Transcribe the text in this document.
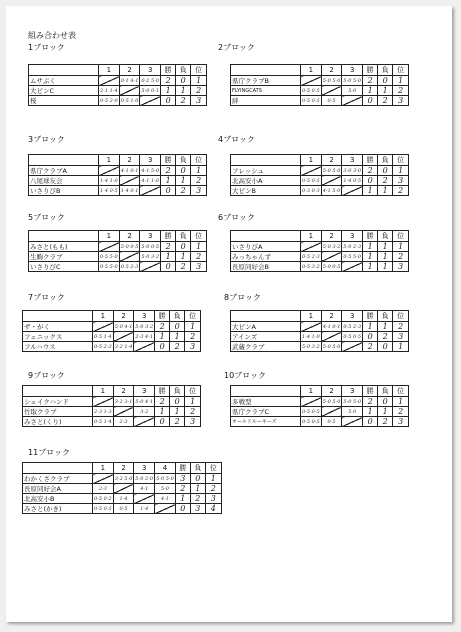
組み合わせ表
1ブロック
	1	2	3	勝	負	位
ムサぶく		0-1 4-1	0-2 5-0	2	0	1
大ピンC	2-1 1-4		5-0 0-1	1	1	2
桜	0-5 2-0	0-5 1-0		0	2	3
2ブロック
	1	2	3	勝	負	位
県庁クラブB		5-0 5-0	5-0 5-0	2	0	1
FLYINGCATS	0-5 0-5		5-0	1	1	2
絆	0-5 0-5	0-5		0	2	3
3ブロック
	1	2	3	勝	負	位
県庁クラブA		4-1 0-1	4-1 5-0	2	0	1
八尾球友会	1-4 1-0		4-1 1-0	1	1	2
いさりびB	1-4 0-5	1-4 0-1		0	2	3
4ブロック
	1	2	3	勝	負	位
フレッシュ		5-0 5-0	3-0 3-0	2	0	1
北高安小A	0-5 0-5		1-4 0-5	0	2	3
大ピンB	0-3 0-3	4-1 5-0		1	1	2
5ブロック
	1	2	3	勝	負	位
みさと(もも)		5-0 0-5	5-0 0-5	2	0	1
生駒クラブ	0-5 5-0		5-0 3-2	1	1	2
いさりびC	0-5 5-0	0-5 2-3		0	2	3
6ブロック
	1	2	3	勝	負	位
いさりびA		5-0 3-2	5-0 2-3	1	1	1
みっちゃんず	0-5 2-3		0-5 5-0	1	1	2
長原同好会B	0-5 3-2	5-0 0-5		1	1	3
7ブロック
	1	2	3	勝	負	位
ザ・がく		5-0 4-1	5-0 3-2	2	0	1
フェニックス	0-5 1-4		2-3 4-1	1	1	2
フルハウス	0-5 2-3	3-2 1-4		0	2	3
8ブロック
	1	2	3	勝	負	位
大ピンA		4-1 0-1	0-5 2-3	1	1	2
アインズ	1-4 1-0		0-5 0-5	0	2	3
武蔵クラブ	5-0 3-2	5-0 5-0		2	0	1
9ブロック
	1	2	3	勝	負	位
シェイクハンド		3-2 3-1	5-0 4-1	2	0	1
竹取クラブ	2-3 1-3		3-2	1	1	2
みさと(くり)	0-5 1-4	2-3		0	2	3
10ブロック
	1	2	3	勝	負	位
多戦型		5-0 5-0	5-0 5-0	2	0	1
県庁クラブC	0-5 0-5		5-0	1	1	2
オールドルーキーズ	0-5 0-5	0-5		0	2	3
11ブロック
	1	2	3	4	勝	負	位
わかくさクラブ		3-2 5-0	5-0 2-0	5-0 5-0	3	0	1
長原同好会A	2-3		4-1	5-0	2	1	2
北高安小B	0-5 0-2	1-4		4-1	1	2	3
みさと(かき)	0-5 0-5	0-5	1-4		0	3	4
